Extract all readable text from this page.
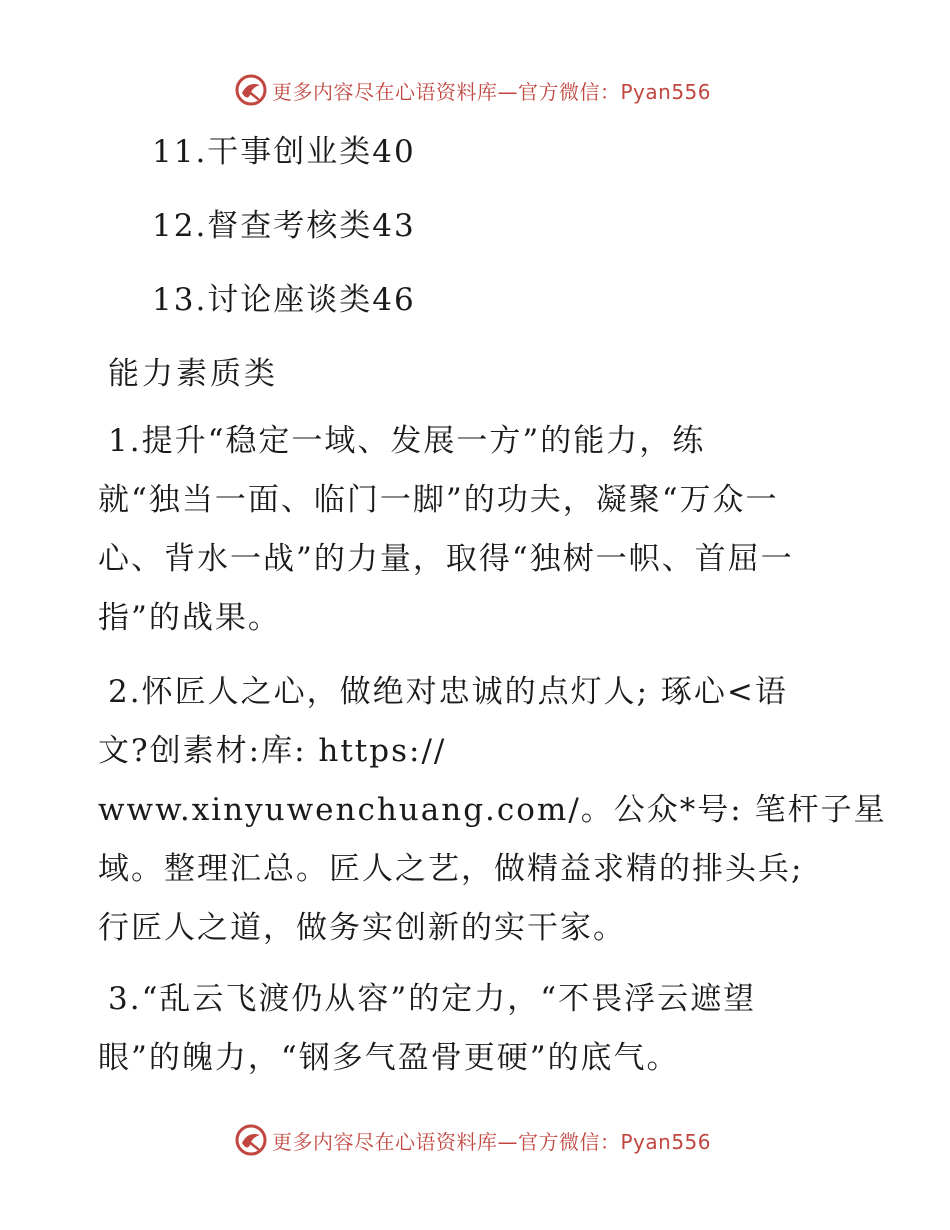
更多内容尽在心语资料库—官方微信：Pyan556
11.干事创业类40
12.督查考核类43
13.讨论座谈类46
能力素质类
1.提升“稳定一域、发展一方”的能力，练
就“独当一面、临门一脚”的功夫，凝聚“万众一
心、背水一战”的力量，取得“独树一帜、首屈一
指”的战果。
2.怀匠人之心，做绝对忠诚的点灯人; 琢心<语
文?创素材:库: https://
www.xinyuwenchuang.com/。公众*号: 笔杆子星
域。整理汇总。匠人之艺，做精益求精的排头兵;
行匠人之道，做务实创新的实干家。
3.“乱云飞渡仍从容”的定力，“不畏浮云遮望
眼”的魄力，“钢多气盈骨更硬”的底气。
更多内容尽在心语资料库—官方微信：Pyan556
